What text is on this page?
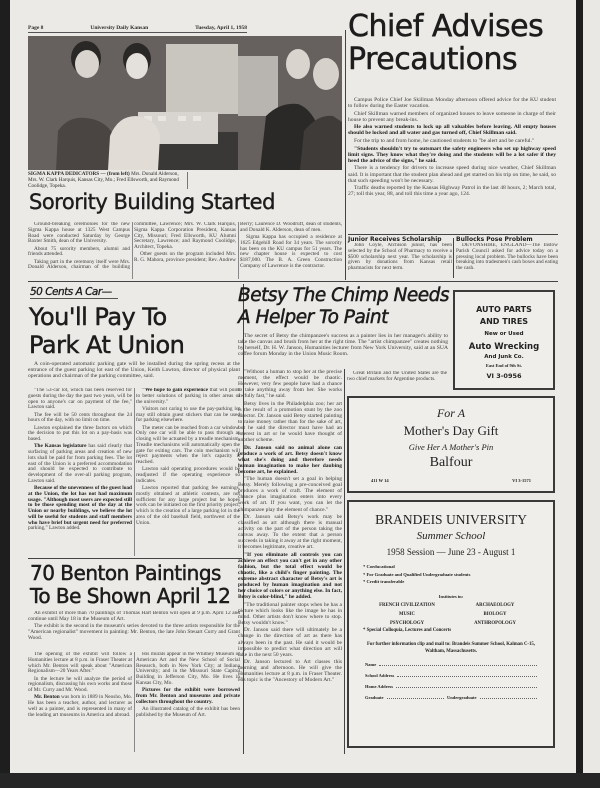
Page 8	University Daily Kansan	Tuesday, April 1, 1958
SIGMA KAPPA DEDICATORS — (from left) Mrs. Donald Alderson, Mrs. W. Clark Harquis, Kansas City, Mo.; Fred Ellsworth, and Raymond Coolidge, Topeka.
Sorority Building Started

Ground-breaking ceremonies for the new Sigma Kappa house at 1325 West Campus Road were conducted Saturday by George Baxter Smith, dean of the University.

About 75 sorority members, alumni and friends attended.

Taking part in the ceremony itself were Mrs. Donald Alderson, chairman of the building committee, Lawrence; Mrs. W. Clark Harquis, Sigma Kappa Corporation President, Kansas City, Missouri; Fred Ellsworth, KU Alumni Secretary, Lawrence; and Raymond Coolidge, Architect, Topeka.

Other guests on the program included Mrs. R. G. Mahora, province president; Rev. Andrew Berry; Laurence D. Woodruff, dean of students, and Donald K. Alderson, dean of men.

Sigma Kappa has occupied a residence at 1625 Edgehill Road for 34 years. The sorority has been on the KU campus for 51 years. The new chapter house is expected to cost $187,000. The B. A. Green Construction Company of Lawrence is the contractor.

Chief Advises
Precautions

Campus Police Chief Joe Skillman Monday afternoon offered advice for the KU student to follow during the Easter vacation.

Chief Skillman warned members of organized houses to leave someone in charge of their house to prevent any break-ins.

He also warned students to lock up all valuables before leaving. All empty houses should be locked and all water and gas turned off, Chief Skillman said.

For the trip to and from home, he cautioned students to "be alert and be careful."

"Students shouldn't try to outsmart the safety engineers who set up highway speed limit signs. They know what they're doing and the students will be a lot safer if they heed the advice of the signs," he said.

There is a tendency for drivers to increase speed during nice weather, Chief Skillman said. It is important that the student plan ahead and get started on his trip on time, he said, so that such speeding won't be necessary.

Traffic deaths reported by the Kansas Highway Patrol in the last 48 hours, 2; March total, 27; toll this year, 88, and toll this time a year ago, 124.

Junior Receives Scholarship

John Coyle, Atchison junior, has been selected by the School of Pharmacy to receive a $500 scholarship next year. The scholarship is given by donations from Kansas retail pharmacists for next term.

Bullocks Pose Problem

DEVONSHIRE, ENGLAND—The Instow Parish Council asked for advice today on a pressing local problem. The bullocks have been breaking into tradesmen's cash boxes and eating the cash.

50 Cents A Car—
You'll Pay To
Park At Union

A coin-operated automatic parking gate will be installed during the spring recess at the entrance of the guest parking lot east of the Union, Keith Lawton, director of physical plant operations and chairman of the parking committee, said.

"The 53-car lot, which has been reserved for guests during the day the past two years, will be open to anyone's car on payment of the fee," Lawton said.

The fee will be 50 cents throughout the 24 hours of the day, with no limit on time.

Lawton explained the three factors on which the decision to put this lot on a pay-basis was based.

The Kansas legislature has said clearly that surfacing of parking areas and creation of new lots shall be paid for from parking fees. The lot east of the Union is a preferred accommodation and should be expected to contribute to development of the over-all parking program, Lawton said.

Because of the unevenness of the guest load at the Union, the lot has not had maximum usage. "Although most users are expected still to be those spending most of the day at the Union or nearby buildings, we believe the lot will be useful for students and staff members who have brief but urgent need for preferred parking," Lawton added.

"We hope to gain experience that will point to better solutions of parking in other areas of the university."

Visitors not caring to use the pay-parking lot may still obtain guest stickers that can be used for parking elsewhere.

The meter can be reached from a car window. Only one car will be able to pass through as closing will be actuated by a treadle mechanism. Treadle mechanisms will automatically open the gate for exiting cars. The coin mechanism will reject payments when the lot's capacity is reached.

Lawton said operating procedures would be readjusted if the operating experience so indicates.

Lawton reported that parking fee earnings, mostly obtained at athletic contests, are not sufficient for any large project but he hopes work can be initiated on the first priority project, which is the creation of a large parking lot in the area of the old baseball field, northwest of the Union.

70 Benton Paintings
To Be Shown April 12

An exhibit of more than 70 paintings of Thomas Hart Benton will open at 9 p.m. April 12 and continue until May 18 in the Museum of Art.

The exhibit is the second in the museum's series devoted to the three artists responsible for the "American regionalist" movement in painting: Mr. Benton, the late John Steuart Curry and Grant Wood.

The opening of the exhibit will follow a Humanities lecture at 8 p.m. in Fraser Theater at which Mr. Benton will speak about "American Regionalism—20 Years After."

In the lecture he will analyze the period of regionalism, discussing his own works and those of Mr. Curry and Mr. Wood.

Mr. Benton was born in 1889 in Neosho, Mo. He has been a teacher, author, and lecturer as well as a painter, and is represented in many of the leading art museums in America and abroad.

His murals appear in the Whitney Museum of American Art and the New School of Social Research, both in New York City; at Indiana University; and in the Missouri State Capitol Building in Jefferson City, Mo. He lives in Kansas City, Mo.

Pictures for the exhibit were borrowed from Mr. Benton and museums and private collectors throughout the country.

An illustrated catalog of the exhibit has been published by the Museum of Art.

Betsy The Chimp Needs
A Helper To Paint

The secret of Betsy the chimpanzee's success as a painter lies in her manager's ability to take the canvas and brush from her at the right time. The "artist chimpanzee" creates nothing by herself, Dr. H. W. Janson, Humanities lecturer from New York University, said at an SUA coffee forum Monday in the Union Music Room.

"Without a human to stop her at the precise moment, the effect would be chaotic. However, very few people have had a chance to take anything away from her. She works awfully fast," he said.

Betsy lives in the Philadelphia zoo; her art is the result of a promotion stunt by the zoo director. Dr. Janson said Betsy started painting to raise money rather than for the sake of art, but he said the director must have had an interest in art or he would have thought of another scheme.

Dr. Janson said no animal alone can produce a work of art. Betsy doesn't know what she's doing and therefore needs human imagination to make her daubing become art, he explained.

"The human doesn't set a goal in helping Betsy. Merely following a pre-conceived goal produces a work of craft. The element of chance plus imagination enters into every work of art. If you want, you can let the chimpanzee play the element of chance."

Dr. Janson said Betsy's work may be classified as art although there is manual activity on the part of the person taking the canvas away. To the extent that a person succeeds in taking it away at the right moment, it becomes legitimate, creative art.

"If you eliminate all controls you can achieve an effect you can't get in any other fashion, but the total effect would be chaotic, like a child's finger painting. The extreme abstract character of Betsy's art is produced by human imagination and not her choice of colors or anything else. In fact, Betsy is color-blind," he added.

"The traditional painter stops when he has a picture which looks like the image he has in mind. Other artists don't know where to stop. Betsy wouldn't know."

Dr. Janson said there will ultimately be a change in the direction of art as there has always been in the past. He said it would be impossible to predict what direction art will take in the next 50 years.

Dr. Janson lectured to Art classes this morning and afternoon. He will give the Humanities lecture at 8 p.m. in Fraser Theater. His topic is the "Ancestory of Modern Art."

Great Britain and the United States are the two chief markets for Argentine products.

AUTO PARTS
AND TIRES
New or Used
Auto Wrecking
And Junk Co.
East End of 9th St.
VI 3-0956
For A
Mother's Day Gift
Give Her A Mother's Pin
Balfour
411 W 14	VI 3-1571
BRANDEIS UNIVERSITY
Summer School
1958 Session — June 23 - August 1
* Coeducational
* For Graduate and Qualified Undergraduate students
* Credit transferable
Institutes in:
FRENCH CIVILIZATION	ARCHAEOLOGY
MUSIC	BIOLOGY
PSYCHOLOGY	ANTHROPOLOGY
* Special Colloquia, Lectures and Concerts
For further information clip and mail to: Brandeis Summer School, Kalman C-15, Waltham, Massachusetts.
Name
School Address
Home Address
Graduate	Undergraduate
